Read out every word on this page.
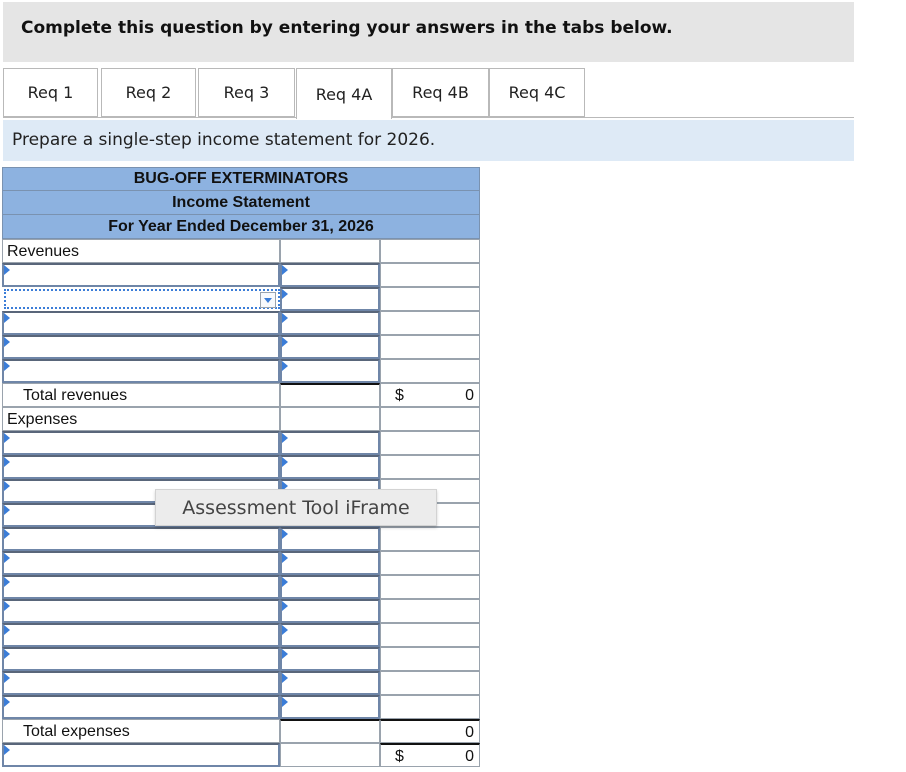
Complete this question by entering your answers in the tabs below.
Req 1	Req 2	Req 3	Req 4A	Req 4B	Req 4C
Prepare a single-step income statement for 2026.
BUG-OFF EXTERMINATORS
Income Statement
For Year Ended December 31, 2026
Revenues
Total revenues	$	0
Expenses
Total expenses	0
$	0
Assessment Tool iFrame
